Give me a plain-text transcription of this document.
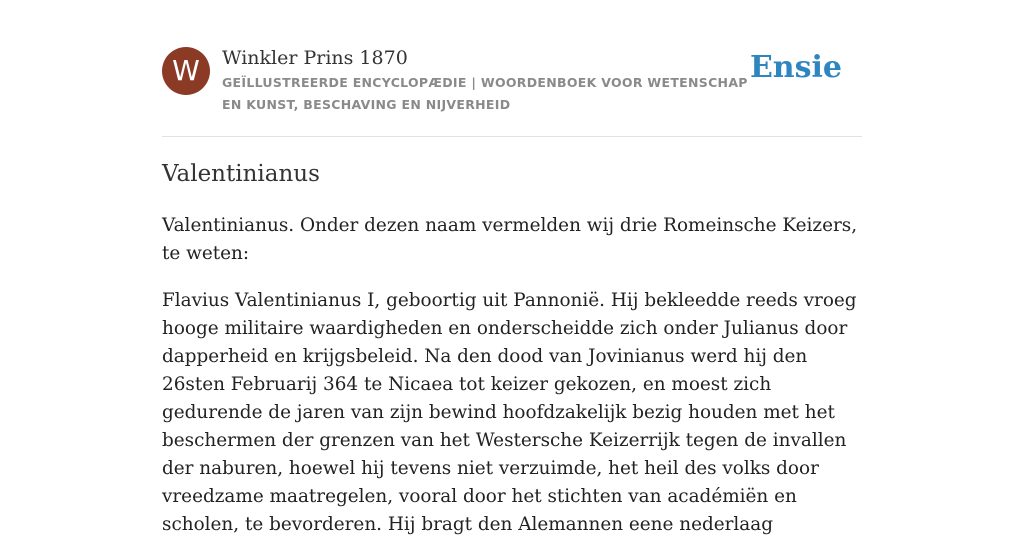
W	Winkler Prins 1870

GEÏLLUSTREERDE ENCYCLOPÆDIE | WOORDENBOEK VOOR WETENSCHAP EN KUNST, BESCHAVING EN NIJVERHEID

Ensie
Valentinianus

Valentinianus. Onder dezen naam vermelden wij drie Romeinsche Keizers, te weten:

Flavius Valentinianus I, geboortig uit Pannonië. Hij bekleedde reeds vroeg hooge militaire waardigheden en onderscheidde zich onder Julianus door dapperheid en krijgsbeleid. Na den dood van Jovinianus werd hij den 26sten Februarij 364 te Nicaea tot keizer gekozen, en moest zich gedurende de jaren van zijn bewind hoofdzakelijk bezig houden met het beschermen der grenzen van het Westersche Keizerrijk tegen de invallen der naburen, hoewel hij tevens niet verzuimde, het heil des volks door vreedzame maatregelen, vooral door het stichten van académiën en scholen, te bevorderen. Hij bragt den Alemannen eene nederlaag
